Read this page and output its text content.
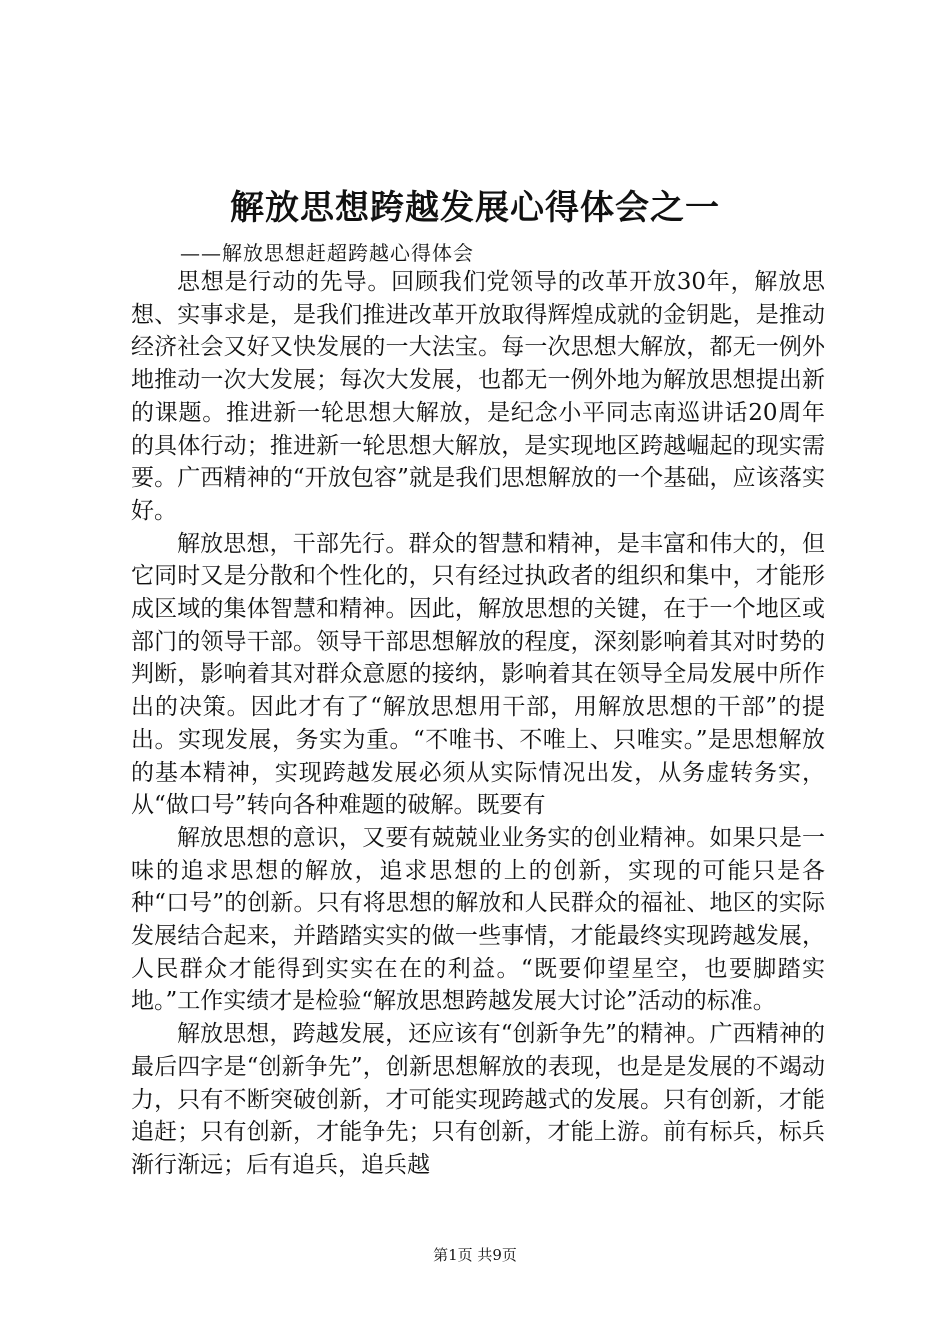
解放思想跨越发展心得体会之一
——解放思想赶超跨越心得体会

思想是行动的先导。回顾我们党领导的改革开放30年，解放思想、实事求是，是我们推进改革开放取得辉煌成就的金钥匙，是推动经济社会又好又快发展的一大法宝。每一次思想大解放，都无一例外地推动一次大发展；每次大发展，也都无一例外地为解放思想提出新的课题。推进新一轮思想大解放，是纪念小平同志南巡讲话20周年的具体行动；推进新一轮思想大解放，是实现地区跨越崛起的现实需要。广西精神的“开放包容”就是我们思想解放的一个基础，应该落实好。

解放思想，干部先行。群众的智慧和精神，是丰富和伟大的，但它同时又是分散和个性化的，只有经过执政者的组织和集中，才能形成区域的集体智慧和精神。因此，解放思想的关键，在于一个地区或部门的领导干部。领导干部思想解放的程度，深刻影响着其对时势的判断，影响着其对群众意愿的接纳，影响着其在领导全局发展中所作出的决策。因此才有了“解放思想用干部，用解放思想的干部”的提出。实现发展，务实为重。“不唯书、不唯上、只唯实。”是思想解放的基本精神，实现跨越发展必须从实际情况出发，从务虚转务实，从“做口号”转向各种难题的破解。既要有

解放思想的意识，又要有兢兢业业务实的创业精神。如果只是一味的追求思想的解放，追求思想的上的创新，实现的可能只是各种“口号”的创新。只有将思想的解放和人民群众的福祉、地区的实际发展结合起来，并踏踏实实的做一些事情，才能最终实现跨越发展，人民群众才能得到实实在在的利益。“既要仰望星空，也要脚踏实地。”工作实绩才是检验“解放思想跨越发展大讨论”活动的标准。

解放思想，跨越发展，还应该有“创新争先”的精神。广西精神的最后四字是“创新争先”，创新思想解放的表现，也是是发展的不竭动力，只有不断突破创新，才可能实现跨越式的发展。只有创新，才能追赶；只有创新，才能争先；只有创新，才能上游。前有标兵，标兵渐行渐远；后有追兵，追兵越

第1页 共9页
